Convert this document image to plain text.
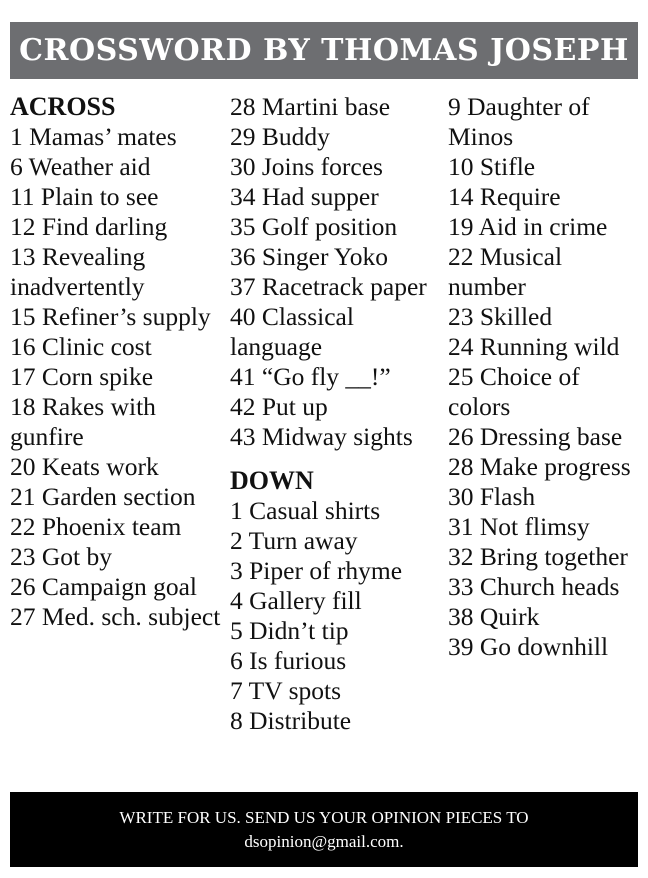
CROSSWORD BY THOMAS JOSEPH
ACROSS
1 Mamas’ mates
6 Weather aid
11 Plain to see
12 Find darling
13 Revealing inadvertently
15 Refiner’s supply
16 Clinic cost
17 Corn spike
18 Rakes with gunfire
20 Keats work
21 Garden section
22 Phoenix team
23 Got by
26 Campaign goal
27 Med. sch. subject
28 Martini base
29 Buddy
30 Joins forces
34 Had supper
35 Golf position
36 Singer Yoko
37 Racetrack paper
40 Classical language
41 “Go fly __!”
42 Put up
43 Midway sights
DOWN
1 Casual shirts
2 Turn away
3 Piper of rhyme
4 Gallery fill
5 Didn’t tip
6 Is furious
7 TV spots
8 Distribute
9 Daughter of Minos
10 Stifle
14 Require
19 Aid in crime
22 Musical number
23 Skilled
24 Running wild
25 Choice of colors
26 Dressing base
28 Make progress
30 Flash
31 Not flimsy
32 Bring together
33 Church heads
38 Quirk
39 Go downhill
WRITE FOR US. SEND US YOUR OPINION PIECES TO
dsopinion@gmail.com.
